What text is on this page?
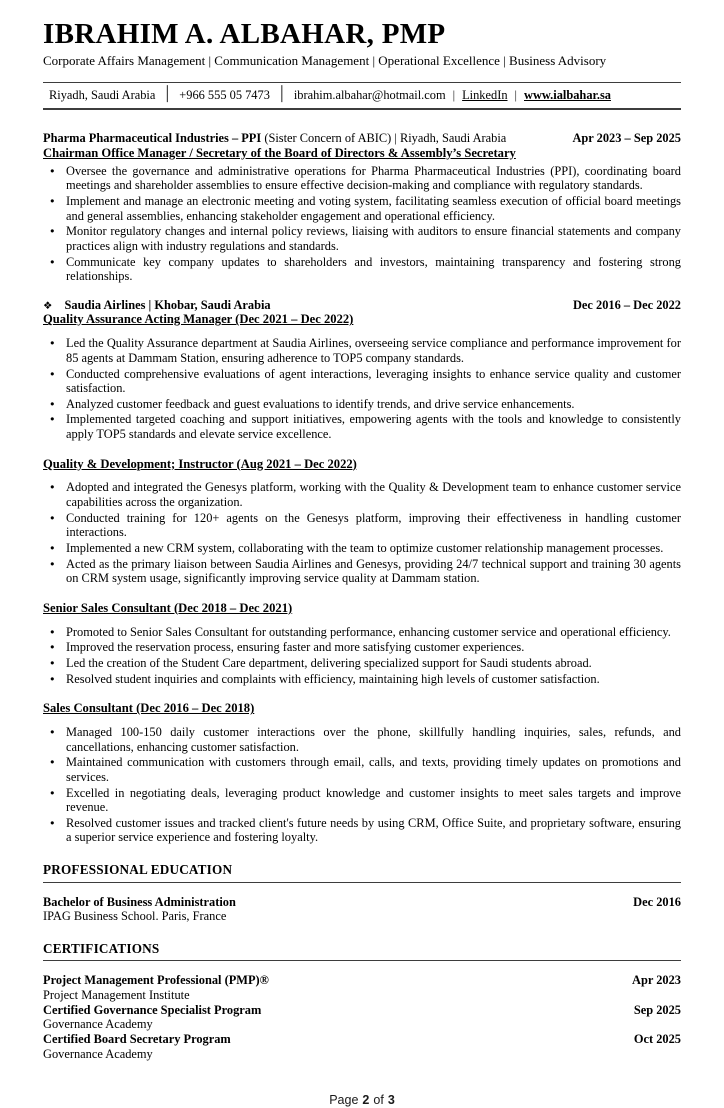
IBRAHIM A. ALBAHAR, PMP
Corporate Affairs Management | Communication Management | Operational Excellence | Business Advisory
Riyadh, Saudi Arabia │ +966 555 05 7473 │ ibrahim.albahar@hotmail.com | LinkedIn | www.ialbahar.sa
Pharma Pharmaceutical Industries – PPI (Sister Concern of ABIC) | Riyadh, Saudi Arabia	Apr 2023 – Sep 2025
Chairman Office Manager / Secretary of the Board of Directors & Assembly’s Secretary
● Oversee the governance and administrative operations for Pharma Pharmaceutical Industries (PPI), coordinating board meetings and shareholder assemblies to ensure effective decision-making and compliance with regulatory standards.
● Implement and manage an electronic meeting and voting system, facilitating seamless execution of official board meetings and general assemblies, enhancing stakeholder engagement and operational efficiency.
● Monitor regulatory changes and internal policy reviews, liaising with auditors to ensure financial statements and company practices align with industry regulations and standards.
● Communicate key company updates to shareholders and investors, maintaining transparency and fostering strong relationships.
❖ Saudia Airlines | Khobar, Saudi Arabia	Dec 2016 – Dec 2022
Quality Assurance Acting Manager (Dec 2021 – Dec 2022)
● Led the Quality Assurance department at Saudia Airlines, overseeing service compliance and performance improvement for 85 agents at Dammam Station, ensuring adherence to TOP5 company standards.
● Conducted comprehensive evaluations of agent interactions, leveraging insights to enhance service quality and customer satisfaction.
● Analyzed customer feedback and guest evaluations to identify trends, and drive service enhancements.
● Implemented targeted coaching and support initiatives, empowering agents with the tools and knowledge to consistently apply TOP5 standards and elevate service excellence.
Quality & Development; Instructor (Aug 2021 – Dec 2022)
● Adopted and integrated the Genesys platform, working with the Quality & Development team to enhance customer service capabilities across the organization.
● Conducted training for 120+ agents on the Genesys platform, improving their effectiveness in handling customer interactions.
● Implemented a new CRM system, collaborating with the team to optimize customer relationship management processes.
● Acted as the primary liaison between Saudia Airlines and Genesys, providing 24/7 technical support and training 30 agents on CRM system usage, significantly improving service quality at Dammam station.
Senior Sales Consultant (Dec 2018 – Dec 2021)
● Promoted to Senior Sales Consultant for outstanding performance, enhancing customer service and operational efficiency.
● Improved the reservation process, ensuring faster and more satisfying customer experiences.
● Led the creation of the Student Care department, delivering specialized support for Saudi students abroad.
● Resolved student inquiries and complaints with efficiency, maintaining high levels of customer satisfaction.
Sales Consultant (Dec 2016 – Dec 2018)
● Managed 100-150 daily customer interactions over the phone, skillfully handling inquiries, sales, refunds, and cancellations, enhancing customer satisfaction.
● Maintained communication with customers through email, calls, and texts, providing timely updates on promotions and services.
● Excelled in negotiating deals, leveraging product knowledge and customer insights to meet sales targets and improve revenue.
● Resolved customer issues and tracked client's future needs by using CRM, Office Suite, and proprietary software, ensuring a superior service experience and fostering loyalty.
PROFESSIONAL EDUCATION
Bachelor of Business Administration	Dec 2016
IPAG Business School. Paris, France
CERTIFICATIONS
Project Management Professional (PMP)®	Apr 2023
Project Management Institute
Certified Governance Specialist Program	Sep 2025
Governance Academy
Certified Board Secretary Program	Oct 2025
Governance Academy
Page 2 of 3
